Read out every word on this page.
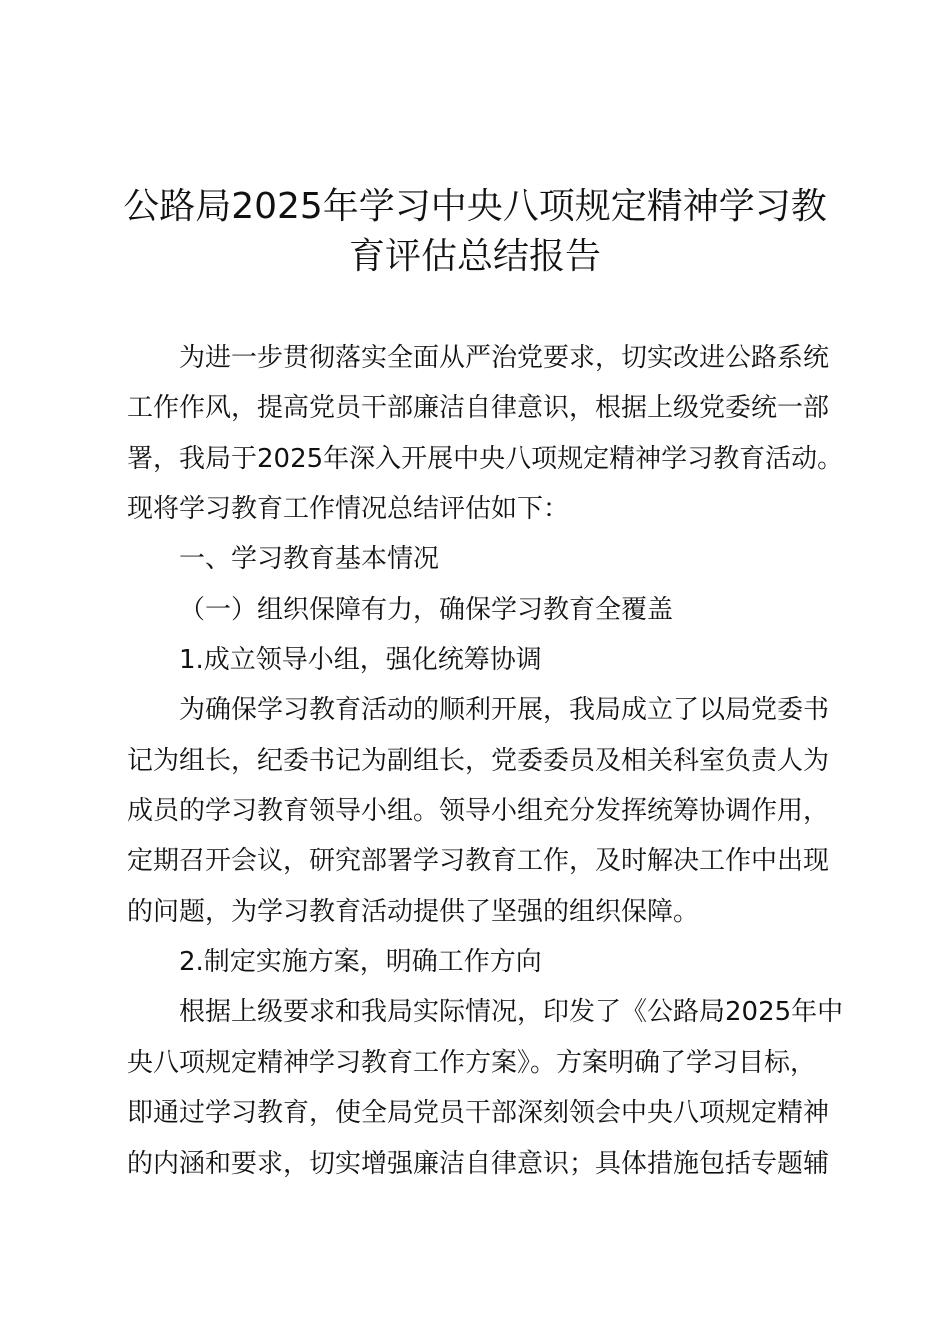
公路局2025年学习中央八项规定精神学习教
育评估总结报告
为进一步贯彻落实全面从严治党要求，切实改进公路系统
工作作风，提高党员干部廉洁自律意识，根据上级党委统一部
署，我局于2025年深入开展中央八项规定精神学习教育活动。
现将学习教育工作情况总结评估如下：
一、学习教育基本情况
（一）组织保障有力，确保学习教育全覆盖
1.成立领导小组，强化统筹协调
为确保学习教育活动的顺利开展，我局成立了以局党委书
记为组长，纪委书记为副组长，党委委员及相关科室负责人为
成员的学习教育领导小组。领导小组充分发挥统筹协调作用，
定期召开会议，研究部署学习教育工作，及时解决工作中出现
的问题，为学习教育活动提供了坚强的组织保障。
2.制定实施方案，明确工作方向
根据上级要求和我局实际情况，印发了《公路局2025年中
央八项规定精神学习教育工作方案》。方案明确了学习目标，
即通过学习教育，使全局党员干部深刻领会中央八项规定精神
的内涵和要求，切实增强廉洁自律意识；具体措施包括专题辅
